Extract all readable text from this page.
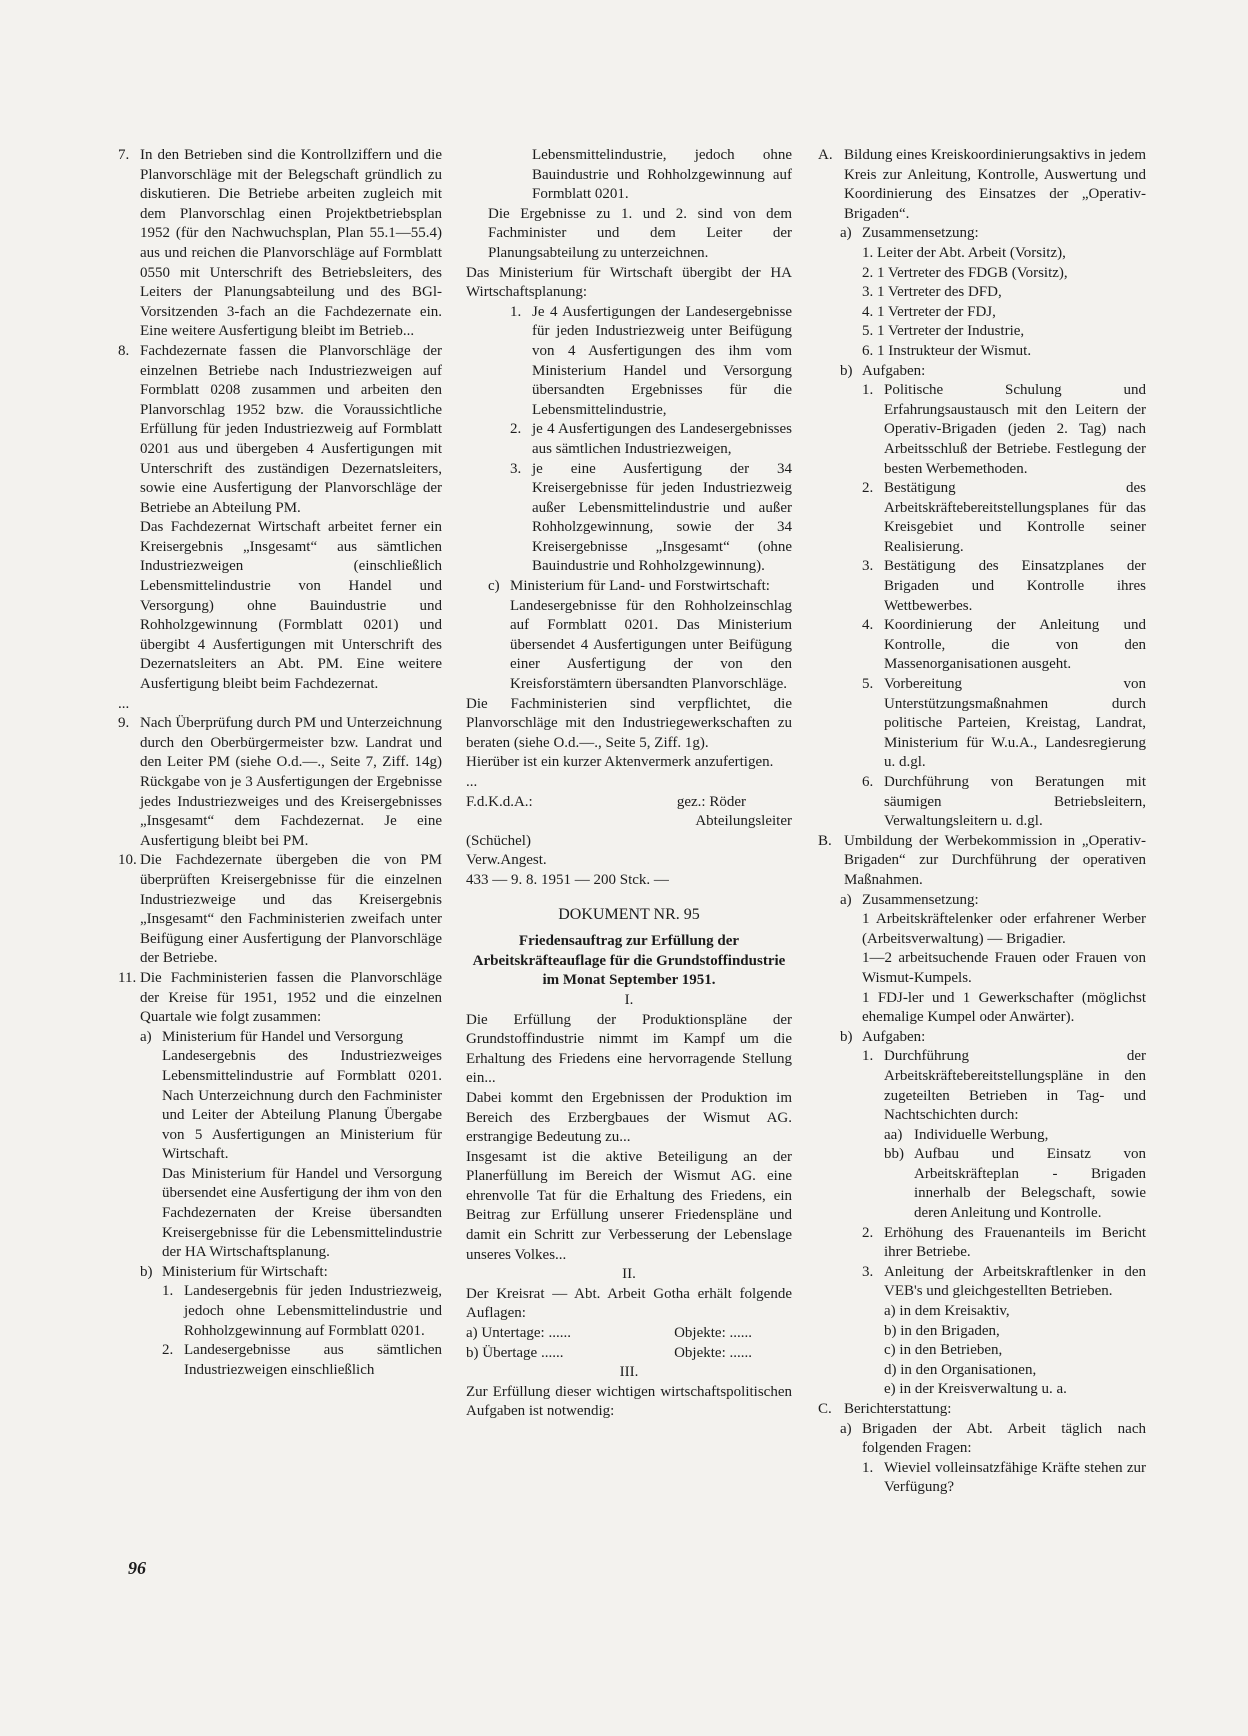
7. In den Betrieben sind die Kontrollziffern und die Planvorschläge mit der Belegschaft gründlich zu diskutieren. Die Betriebe arbeiten zugleich mit dem Planvorschlag einen Projektbetriebsplan 1952 (für den Nachwuchsplan, Plan 55.1—55.4) aus und reichen die Planvorschläge auf Formblatt 0550 mit Unterschrift des Betriebsleiters, des Leiters der Planungsabteilung und des BGl-Vorsitzenden 3-fach an die Fachdezernate ein. Eine weitere Ausfertigung bleibt im Betrieb...
8. Fachdezernate fassen die Planvorschläge der einzelnen Betriebe nach Industriezweigen auf Formblatt 0208 zusammen und arbeiten den Planvorschlag 1952 bzw. die Voraussichtliche Erfüllung für jeden Industriezweig auf Formblatt 0201 aus und übergeben 4 Ausfertigungen mit Unterschrift des zuständigen Dezernatsleiters, sowie eine Ausfertigung der Planvorschläge der Betriebe an Abteilung PM.

Das Fachdezernat Wirtschaft arbeitet ferner ein Kreisergebnis „Insgesamt“ aus sämtlichen Industriezweigen (einschließlich Lebensmittelindustrie von Handel und Versorgung) ohne Bauindustrie und Rohholzgewinnung (Formblatt 0201) und übergibt 4 Ausfertigungen mit Unterschrift des Dezernatsleiters an Abt. PM. Eine weitere Ausfertigung bleibt beim Fachdezernat.

...

9. Nach Überprüfung durch PM und Unterzeichnung durch den Oberbürgermeister bzw. Landrat und den Leiter PM (siehe O.d.—., Seite 7, Ziff. 14g) Rückgabe von je 3 Ausfertigungen der Ergebnisse jedes Industriezweiges und des Kreisergebnisses „Insgesamt“ dem Fachdezernat. Je eine Ausfertigung bleibt bei PM.
10. Die Fachdezernate übergeben die von PM überprüften Kreisergebnisse für die einzelnen Industriezweige und das Kreisergebnis „Insgesamt“ den Fachministerien zweifach unter Beifügung einer Ausfertigung der Planvorschläge der Betriebe.
11. Die Fachministerien fassen die Planvorschläge der Kreise für 1951, 1952 und die einzelnen Quartale wie folgt zusammen:
a) Ministerium für Handel und Versorgung

Landesergebnis des Industriezweiges Lebensmittelindustrie auf Formblatt 0201. Nach Unterzeichnung durch den Fachminister und Leiter der Abteilung Planung Übergabe von 5 Ausfertigungen an Ministerium für Wirtschaft.

Das Ministerium für Handel und Versorgung übersendet eine Ausfertigung der ihm von den Fachdezernaten der Kreise übersandten Kreisergebnisse für die Lebensmittelindustrie der HA Wirtschaftsplanung.

b) Ministerium für Wirtschaft:
1. Landesergebnis für jeden Industriezweig, jedoch ohne Lebensmittelindustrie und Rohholzgewinnung auf Formblatt 0201.
2. Landesergebnisse aus sämtlichen Industriezweigen einschließlich

Lebensmittelindustrie, jedoch ohne Bauindustrie und Rohholzgewinnung auf Formblatt 0201.

Die Ergebnisse zu 1. und 2. sind von dem Fachminister und dem Leiter der Planungsabteilung zu unterzeichnen.

Das Ministerium für Wirtschaft übergibt der HA Wirtschaftsplanung:

1. Je 4 Ausfertigungen der Landesergebnisse für jeden Industriezweig unter Beifügung von 4 Ausfertigungen des ihm vom Ministerium Handel und Versorgung übersandten Ergebnisses für die Lebensmittelindustrie,
2. je 4 Ausfertigungen des Landesergebnisses aus sämtlichen Industriezweigen,
3. je eine Ausfertigung der 34 Kreisergebnisse für jeden Industriezweig außer Lebensmittelindustrie und außer Rohholzgewinnung, sowie der 34 Kreisergebnisse „Insgesamt“ (ohne Bauindustrie und Rohholzgewinnung).
c) Ministerium für Land- und Forstwirtschaft:

Landesergebnisse für den Rohholzeinschlag auf Formblatt 0201. Das Ministerium übersendet 4 Ausfertigungen unter Beifügung einer Ausfertigung der von den Kreisforstämtern übersandten Planvorschläge.

Die Fachministerien sind verpflichtet, die Planvorschläge mit den Industriegewerkschaften zu beraten (siehe O.d.—., Seite 5, Ziff. 1g).

Hierüber ist ein kurzer Aktenvermerk anzufertigen.

...

F.d.K.d.A.:	gez.: Röder

Abteilungsleiter

(Schüchel)

Verw.Angest.

433 — 9. 8. 1951 — 200 Stck. —

DOKUMENT NR. 95

Friedensauftrag zur Erfüllung der Arbeitskräfteauflage für die Grundstoffindustrie im Monat September 1951.

I.

Die Erfüllung der Produktionspläne der Grundstoffindustrie nimmt im Kampf um die Erhaltung des Friedens eine hervorragende Stellung ein...

Dabei kommt den Ergebnissen der Produktion im Bereich des Erzbergbaues der Wismut AG. erstrangige Bedeutung zu...

Insgesamt ist die aktive Beteiligung an der Planerfüllung im Bereich der Wismut AG. eine ehrenvolle Tat für die Erhaltung des Friedens, ein Beitrag zur Erfüllung unserer Friedenspläne und damit ein Schritt zur Verbesserung der Lebenslage unseres Volkes...

II.

Der Kreisrat — Abt. Arbeit Gotha erhält folgende Auflagen:

a) Untertage: ......	Objekte: ......
b) Übertage ......	Objekte: ......

III.

Zur Erfüllung dieser wichtigen wirtschaftspolitischen Aufgaben ist notwendig:

A. Bildung eines Kreiskoordinierungsaktivs in jedem Kreis zur Anleitung, Kontrolle, Auswertung und Koordinierung des Einsatzes der „Operativ-Brigaden“.
a) Zusammensetzung:

1. Leiter der Abt. Arbeit (Vorsitz),

2. 1 Vertreter des FDGB (Vorsitz),

3. 1 Vertreter des DFD,

4. 1 Vertreter der FDJ,

5. 1 Vertreter der Industrie,

6. 1 Instrukteur der Wismut.

b) Aufgaben:
1. Politische Schulung und Erfahrungsaustausch mit den Leitern der Operativ-Brigaden (jeden 2. Tag) nach Arbeitsschluß der Betriebe. Festlegung der besten Werbemethoden.
2. Bestätigung des Arbeitskräftebereitstellungsplanes für das Kreisgebiet und Kontrolle seiner Realisierung.
3. Bestätigung des Einsatzplanes der Brigaden und Kontrolle ihres Wettbewerbes.
4. Koordinierung der Anleitung und Kontrolle, die von den Massenorganisationen ausgeht.
5. Vorbereitung von Unterstützungsmaßnahmen durch politische Parteien, Kreistag, Landrat, Ministerium für W.u.A., Landesregierung u. d.gl.
6. Durchführung von Beratungen mit säumigen Betriebsleitern, Verwaltungsleitern u. d.gl.
B. Umbildung der Werbekommission in „Operativ-Brigaden“ zur Durchführung der operativen Maßnahmen.
a) Zusammensetzung:

1 Arbeitskräftelenker oder erfahrener Werber (Arbeitsverwaltung) — Brigadier.

1—2 arbeitsuchende Frauen oder Frauen von Wismut-Kumpels.

1 FDJ-ler und 1 Gewerkschafter (möglichst ehemalige Kumpel oder Anwärter).

b) Aufgaben:
1. Durchführung der Arbeitskräftebereitstellungspläne in den zugeteilten Betrieben in Tag- und Nachtschichten durch:
aa) Individuelle Werbung,
bb) Aufbau und Einsatz von Arbeitskräfteplan - Brigaden innerhalb der Belegschaft, sowie deren Anleitung und Kontrolle.
2. Erhöhung des Frauenanteils im Bericht ihrer Betriebe.
3. Anleitung der Arbeitskraftlenker in den VEB's und gleichgestellten Betrieben.

a) in dem Kreisaktiv,

b) in den Brigaden,

c) in den Betrieben,

d) in den Organisationen,

e) in der Kreisverwaltung u. a.

C. Berichterstattung:
a) Brigaden der Abt. Arbeit täglich nach folgenden Fragen:
1. Wieviel volleinsatzfähige Kräfte stehen zur Verfügung?
96
